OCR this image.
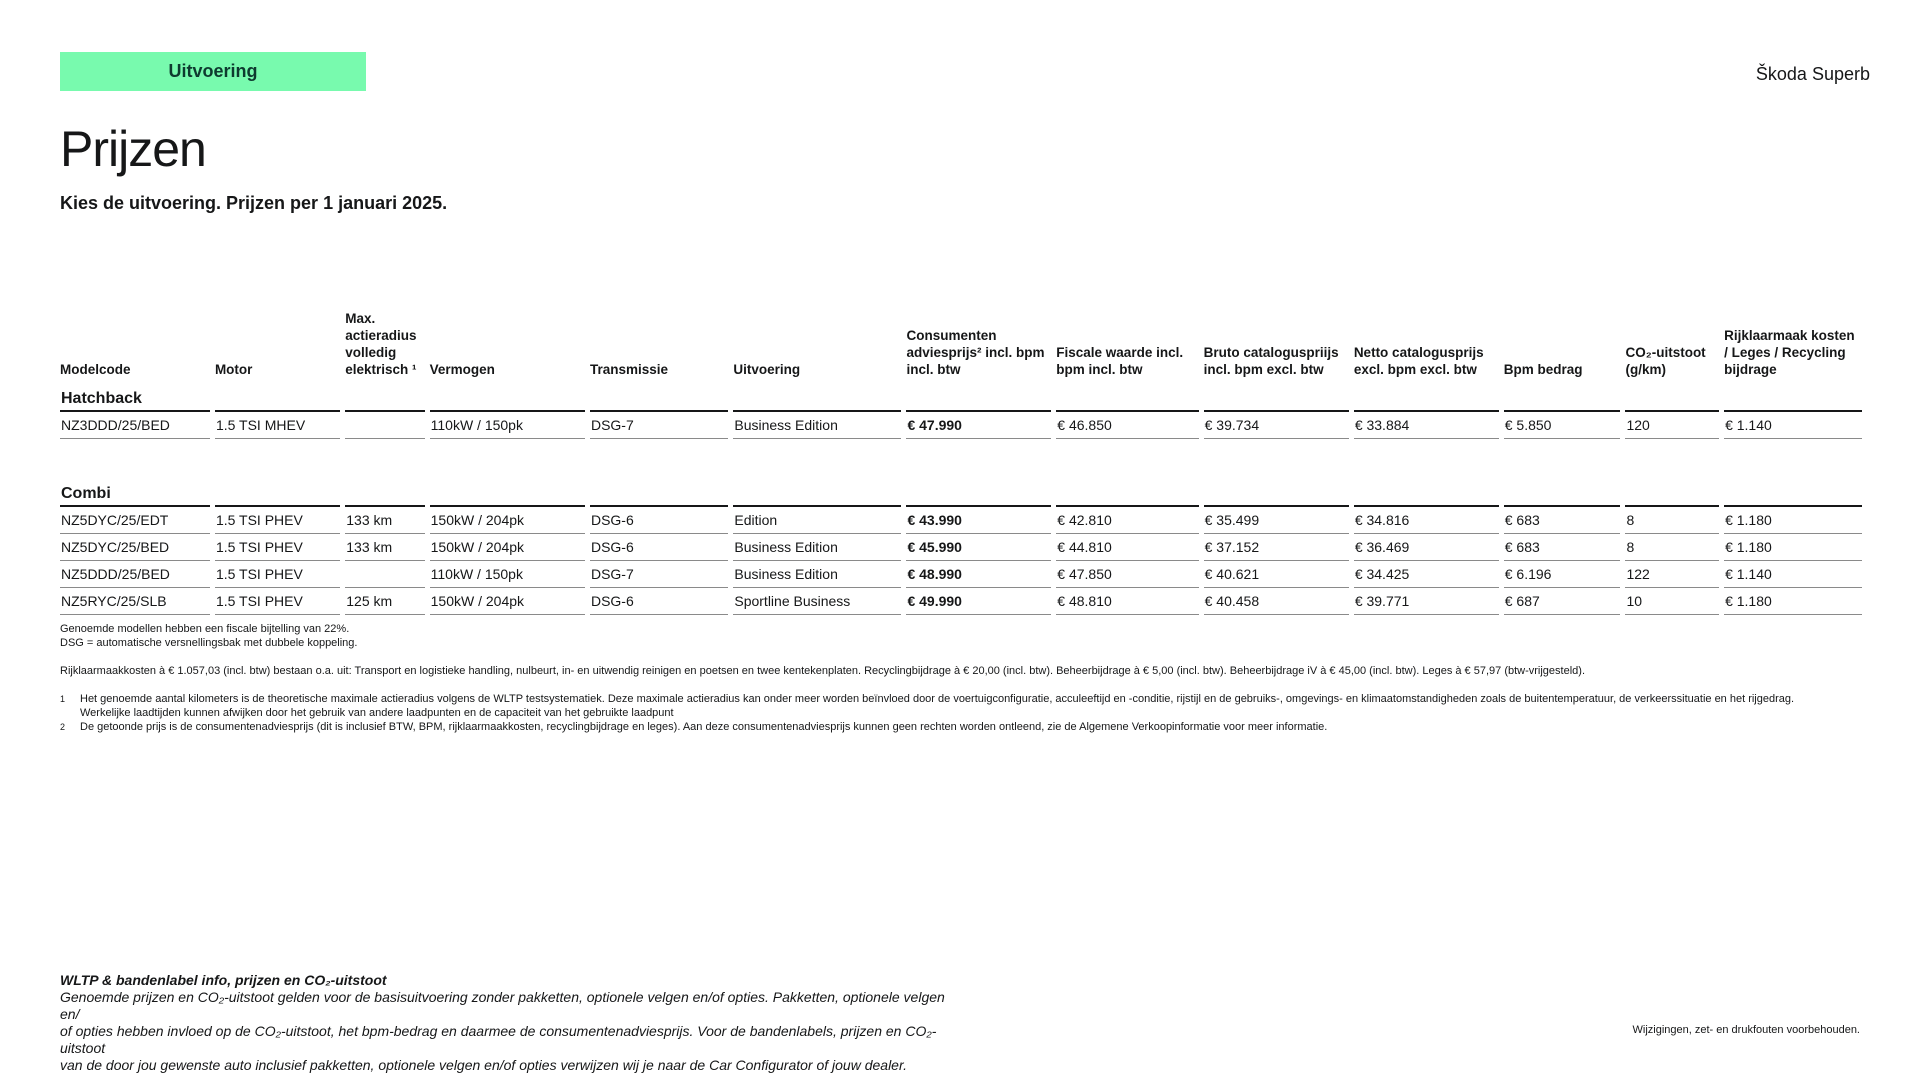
Uitvoering	Škoda Superb
Prijzen
Kies de uitvoering. Prijzen per 1 januari 2025.
Modelcode	Motor	Max. actieradius volledig elektrisch ¹	Vermogen	Transmissie	Uitvoering	Consumenten adviesprijs² incl. bpm incl. btw	Fiscale waarde incl. bpm incl. btw	Bruto cataloguspriijs incl. bpm excl. btw	Netto catalogusprijs excl. bpm excl. btw	Bpm bedrag	CO₂-uitstoot (g/km)	Rijklaarmaak kosten / Leges / Recycling bijdrage
Hatchback												
NZ3DDD/25/BED	1.5 TSI MHEV		110kW / 150pk	DSG-7	Business Edition	€ 47.990	€ 46.850	€ 39.734	€ 33.884	€ 5.850	120	€ 1.140

Combi												
NZ5DYC/25/EDT	1.5 TSI PHEV	133 km	150kW / 204pk	DSG-6	Edition	€ 43.990	€ 42.810	€ 35.499	€ 34.816	€ 683	8	€ 1.180
NZ5DYC/25/BED	1.5 TSI PHEV	133 km	150kW / 204pk	DSG-6	Business Edition	€ 45.990	€ 44.810	€ 37.152	€ 36.469	€ 683	8	€ 1.180
NZ5DDD/25/BED	1.5 TSI PHEV		110kW / 150pk	DSG-7	Business Edition	€ 48.990	€ 47.850	€ 40.621	€ 34.425	€ 6.196	122	€ 1.140
NZ5RYC/25/SLB	1.5 TSI PHEV	125 km	150kW / 204pk	DSG-6	Sportline Business	€ 49.990	€ 48.810	€ 40.458	€ 39.771	€ 687	10	€ 1.180

Genoemde modellen hebben een fiscale bijtelling van 22%.

DSG = automatische versnellingsbak met dubbele koppeling.

Rijklaarmaakkosten à € 1.057,03 (incl. btw) bestaan o.a. uit: Transport en logistieke handling, nulbeurt, in- en uitwendig reinigen en poetsen en twee kentekenplaten. Recyclingbijdrage à € 20,00 (incl. btw). Beheerbijdrage à € 5,00 (incl. btw). Beheerbijdrage iV à € 45,00 (incl. btw). Leges à € 57,97 (btw-vrijgesteld).

1	Het genoemde aantal kilometers is de theoretische maximale actieradius volgens de WLTP testsystematiek. Deze maximale actieradius kan onder meer worden beïnvloed door de voertuigconfiguratie, acculeeftijd en -conditie, rijstijl en de gebruiks-, omgevings- en klimaatomstandigheden zoals de buitentemperatuur, de verkeerssituatie en het rijgedrag.

Werkelijke laadtijden kunnen afwijken door het gebruik van andere laadpunten en de capaciteit van het gebruikte laadpunt

2	De getoonde prijs is de consumentenadviesprijs (dit is inclusief BTW, BPM, rijklaarmaakkosten, recyclingbijdrage en leges). Aan deze consumentenadviesprijs kunnen geen rechten worden ontleend, zie de Algemene Verkoopinformatie voor meer informatie.

WLTP & bandenlabel info, prijzen en CO₂-uitstoot
Genoemde prijzen en CO₂-uitstoot gelden voor de basisuitvoering zonder pakketten, optionele velgen en/of opties. Pakketten, optionele velgen en/
of opties hebben invloed op de CO₂-uitstoot, het bpm-bedrag en daarmee de consumentenadviesprijs. Voor de bandenlabels, prijzen en CO₂-uitstoot
van de door jou gewenste auto inclusief pakketten, optionele velgen en/of opties verwijzen wij je naar de Car Configurator of jouw dealer.
Wijzigingen, zet- en drukfouten voorbehouden.
